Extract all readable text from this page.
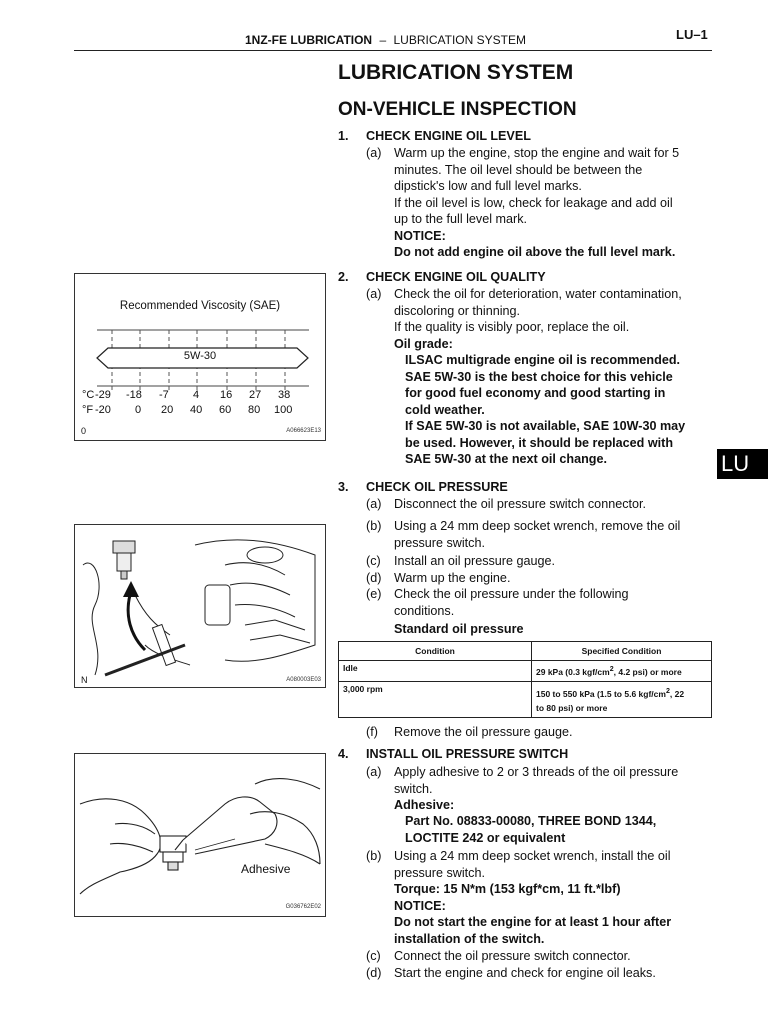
1NZ-FE LUBRICATION – LUBRICATION SYSTEM	LU–1
LUBRICATION SYSTEM
ON-VEHICLE INSPECTION
LU
1. CHECK ENGINE OIL LEVEL
(a) Warm up the engine, stop the engine and wait for 5
minutes. The oil level should be between the
dipstick's low and full level marks.
If the oil level is low, check for leakage and add oil
up to the full level mark.
NOTICE:
Do not add engine oil above the full level mark.
2. CHECK ENGINE OIL QUALITY
(a) Check the oil for deterioration, water contamination,
discoloring or thinning.
If the quality is visibly poor, replace the oil.
Oil grade:
ILSAC multigrade engine oil is recommended.
SAE 5W-30 is the best choice for this vehicle
for good fuel economy and good starting in
cold weather.
If SAE 5W-30 is not available, SAE 10W-30 may
be used. However, it should be replaced with
SAE 5W-30 at the next oil change.
3. CHECK OIL PRESSURE
(a) Disconnect the oil pressure switch connector.
(b) Using a 24 mm deep socket wrench, remove the oil
pressure switch.
(c) Install an oil pressure gauge.
(d) Warm up the engine.
(e) Check the oil pressure under the following
conditions.
Standard oil pressure
Condition	Specified Condition
Idle	29 kPa (0.3 kgf/$cm^2$, 4.2 psi) or more
3,000 rpm	150 to 550 kPa (1.5 to 5.6 kgf/$cm^2$, 22
to 80 psi) or more
(f) Remove the oil pressure gauge.
4. INSTALL OIL PRESSURE SWITCH
(a) Apply adhesive to 2 or 3 threads of the oil pressure
switch.
Adhesive:
Part No. 08833-00080, THREE BOND 1344,
LOCTITE 242 or equivalent
(b) Using a 24 mm deep socket wrench, install the oil
pressure switch.
Torque: 15 N*m (153 kgf*cm, 11 ft.*lbf)
NOTICE:
Do not start the engine for at least 1 hour after
installation of the switch.
(c) Connect the oil pressure switch connector.
(d) Start the engine and check for engine oil leaks.
Recommended Viscosity (SAE)
5W-30
°C
°F
-29 -18 -7 4 16 27 38
-20 0 20 40 60 80 100
0	A066623E13
N	A080003E03
Adhesive
G036762E02
